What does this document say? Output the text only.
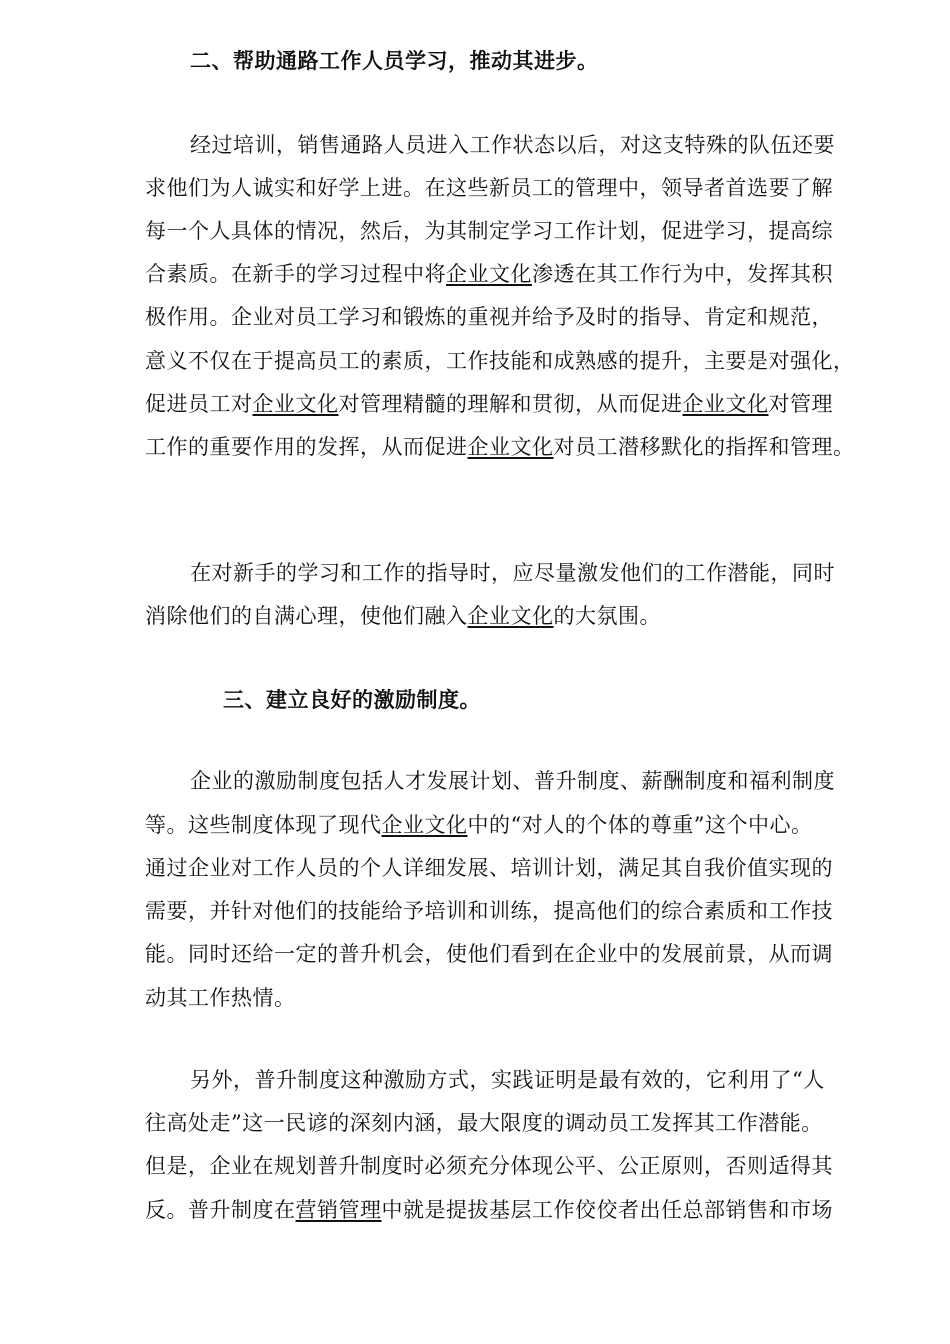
二、帮助通路工作人员学习，推动其进步。
经过培训，销售通路人员进入工作状态以后，对这支特殊的队伍还要
求他们为人诚实和好学上进。在这些新员工的管理中，领导者首选要了解
每一个人具体的情况，然后，为其制定学习工作计划，促进学习，提高综
合素质。在新手的学习过程中将企业文化渗透在其工作行为中，发挥其积
极作用。企业对员工学习和锻炼的重视并给予及时的指导、肯定和规范，
意义不仅在于提高员工的素质，工作技能和成熟感的提升，主要是对强化，
促进员工对企业文化对管理精髓的理解和贯彻，从而促进企业文化对管理
工作的重要作用的发挥，从而促进企业文化对员工潜移默化的指挥和管理。
在对新手的学习和工作的指导时，应尽量激发他们的工作潜能，同时
消除他们的自满心理，使他们融入企业文化的大氛围。
三、建立良好的激励制度。
企业的激励制度包括人才发展计划、普升制度、薪酬制度和福利制度
等。这些制度体现了现代企业文化中的“对人的个体的尊重”这个中心。
通过企业对工作人员的个人详细发展、培训计划，满足其自我价值实现的
需要，并针对他们的技能给予培训和训练，提高他们的综合素质和工作技
能。同时还给一定的普升机会，使他们看到在企业中的发展前景，从而调
动其工作热情。
另外，普升制度这种激励方式，实践证明是最有效的，它利用了“人
往高处走”这一民谚的深刻内涵，最大限度的调动员工发挥其工作潜能。
但是，企业在规划普升制度时必须充分体现公平、公正原则，否则适得其
反。普升制度在营销管理中就是提拔基层工作佼佼者出任总部销售和市场
